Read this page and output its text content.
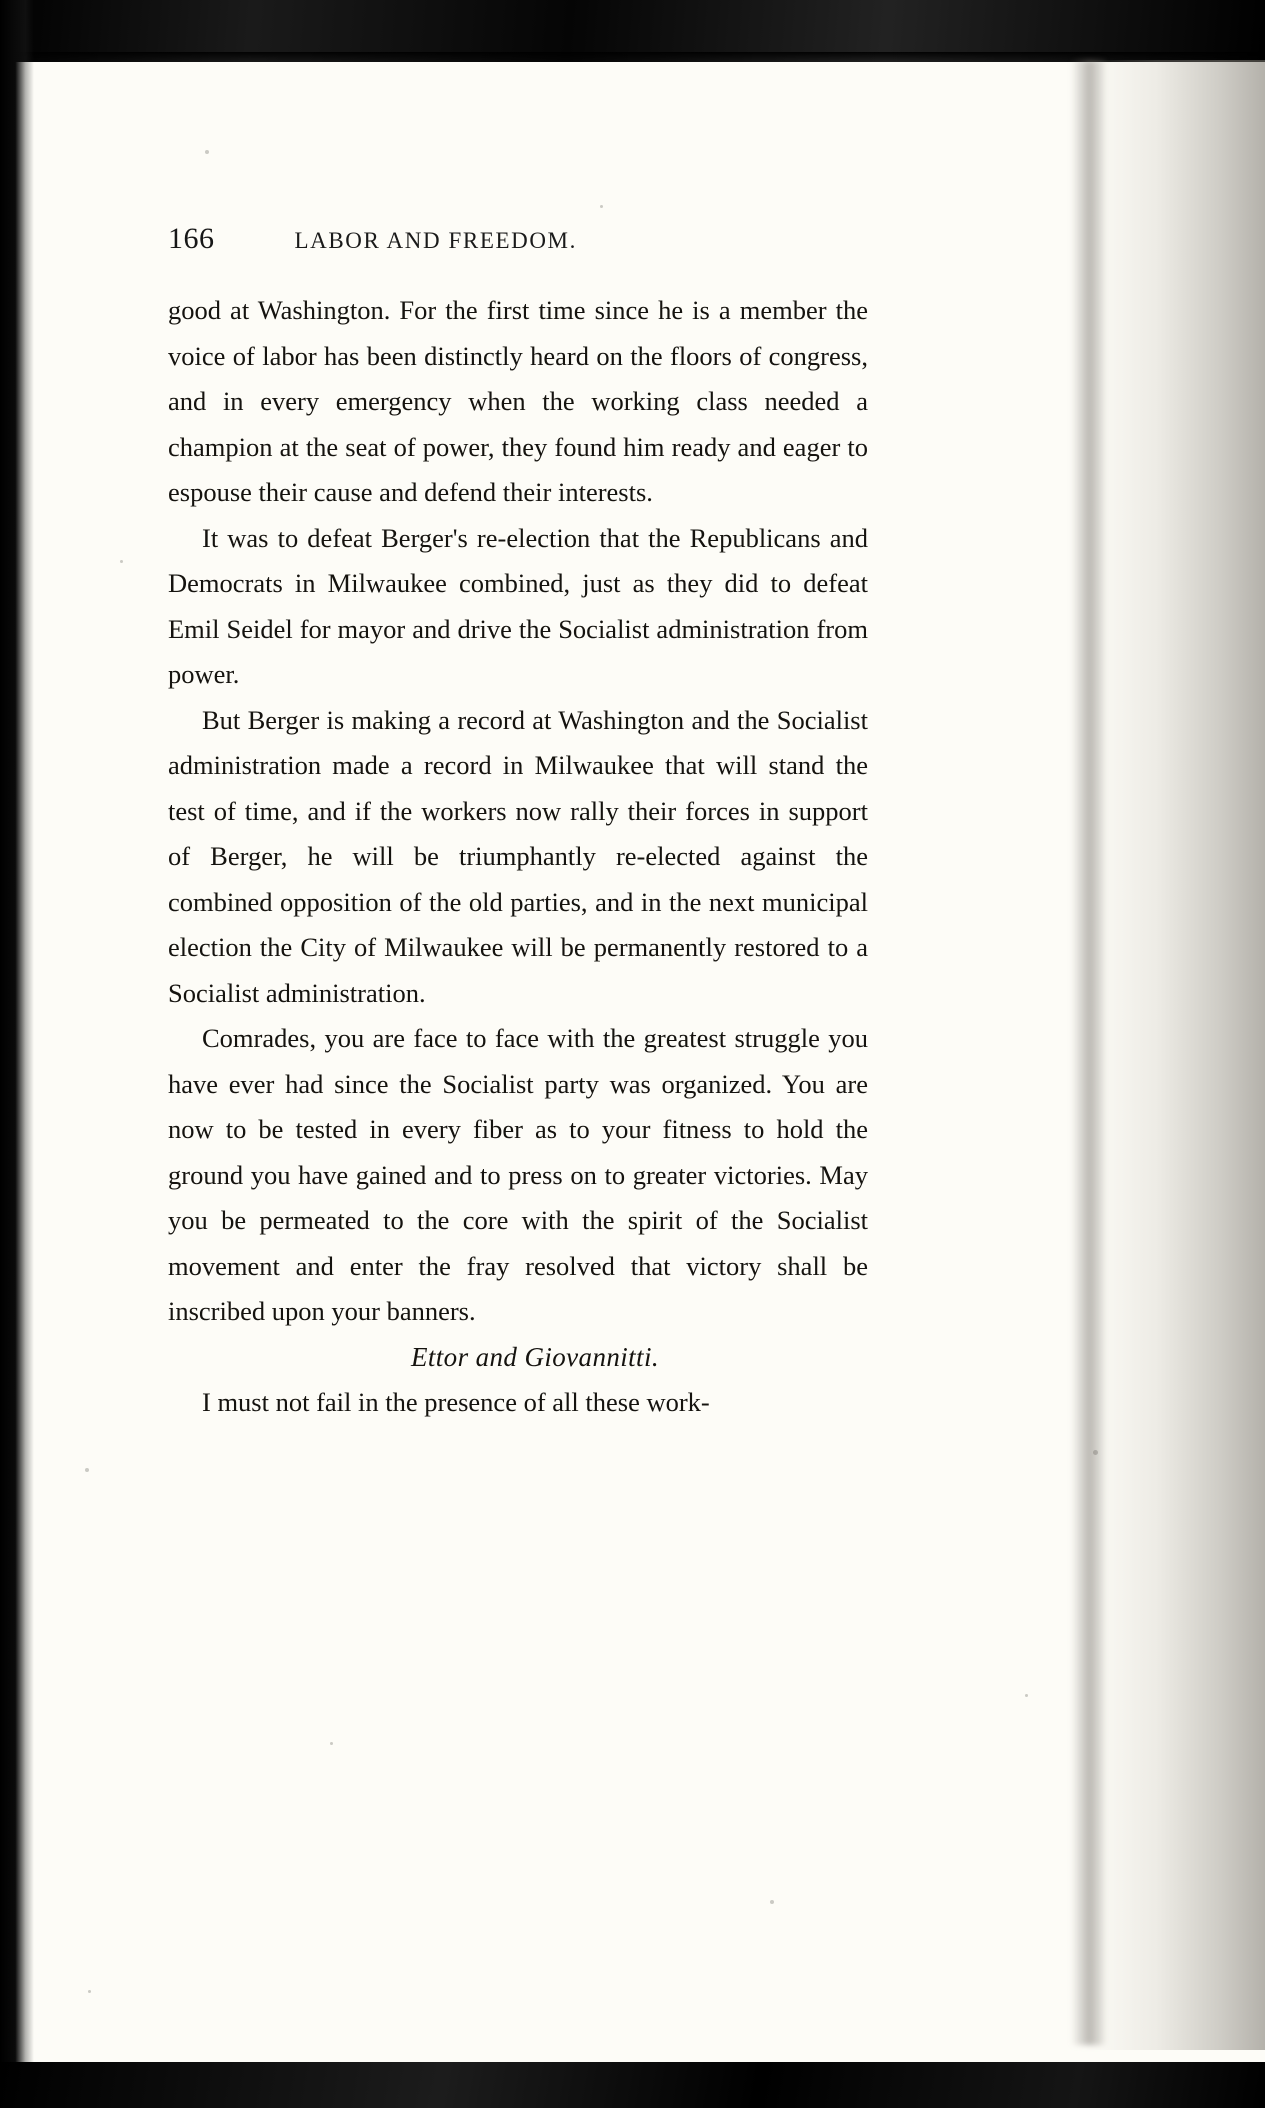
166	LABOR AND FREEDOM.

good at Washington. For the first time since he is a member the voice of labor has been distinctly heard on the floors of congress, and in every emergency when the working class needed a champion at the seat of power, they found him ready and eager to espouse their cause and defend their interests.

It was to defeat Berger's re-election that the Republicans and Democrats in Milwaukee combined, just as they did to defeat Emil Seidel for mayor and drive the Socialist administration from power.

But Berger is making a record at Washington and the Socialist administration made a record in Milwaukee that will stand the test of time, and if the workers now rally their forces in support of Berger, he will be triumphantly re-elected against the combined opposition of the old parties, and in the next municipal election the City of Milwaukee will be permanently restored to a Socialist administration.

Comrades, you are face to face with the greatest struggle you have ever had since the Socialist party was organized. You are now to be tested in every fiber as to your fitness to hold the ground you have gained and to press on to greater victories. May you be permeated to the core with the spirit of the Socialist movement and enter the fray resolved that victory shall be inscribed upon your banners.

Ettor and Giovannitti.

I must not fail in the presence of all these work-
